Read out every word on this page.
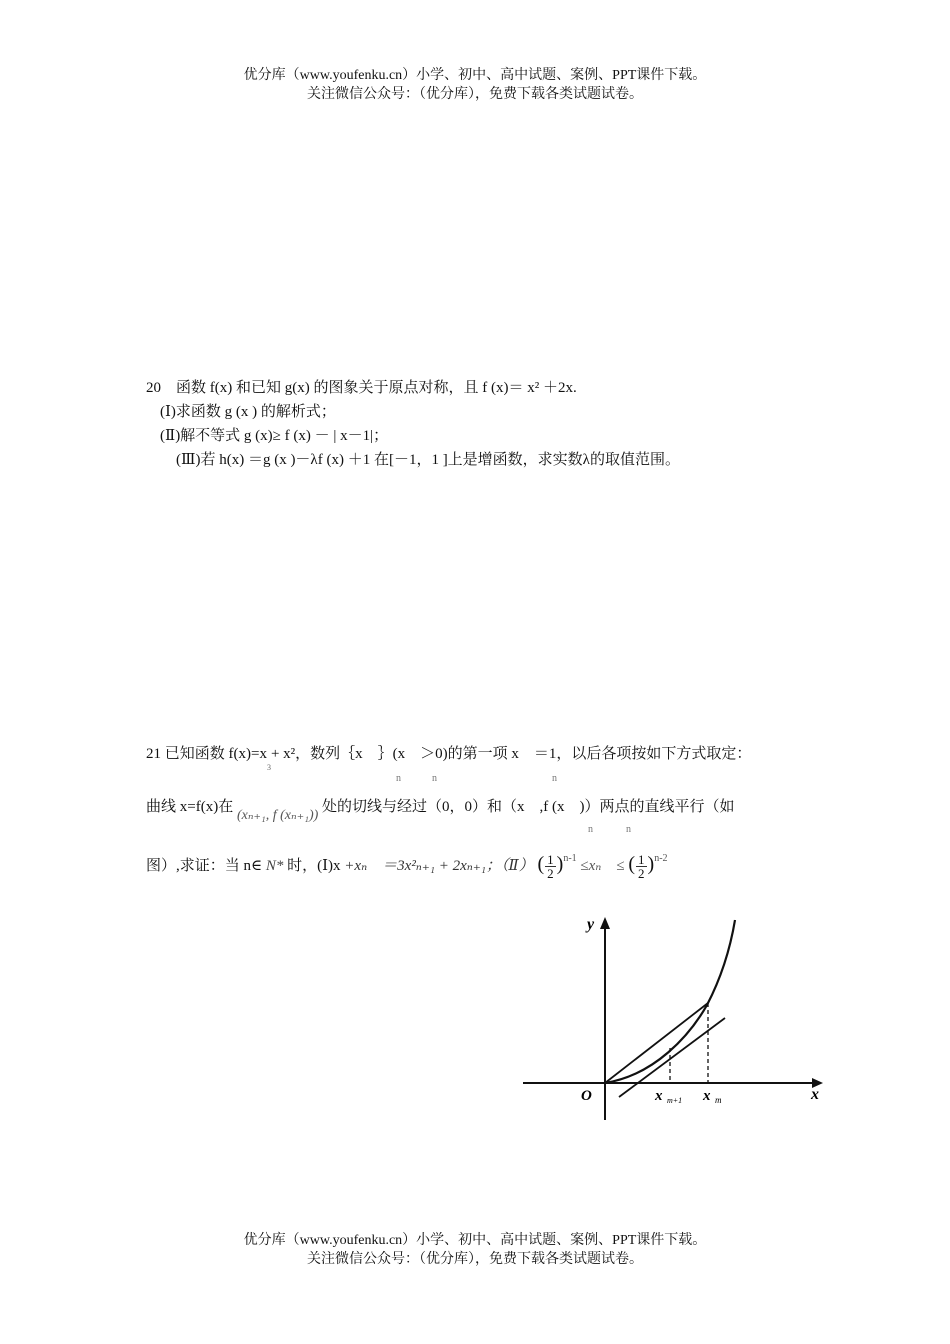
优分库（www.youfenku.cn）小学、初中、高中试题、案例、PPT课件下载。
关注微信公众号：（优分库），免费下载各类试题试卷。
20　函数 f(x) 和已知 g(x) 的图象关于原点对称，且 f (x)＝ x² ＋2x.
(Ⅰ)求函数 g (x ) 的解析式；
(Ⅱ)解不等式 g (x)≥ f (x) － | x－1|；
(Ⅲ)若 h(x) ＝g (x )－λf (x) ＋1 在[－1，1 ]上是增函数，求实数λ的取值范围。
21 已知函数 $f(x)=x_3+ x^2$，数列｛x　｝(x　＞0)的第一项 x　＝1，以后各项按如下方式取定：
n	n	n
曲线 x=f(x)在 (xₙ₊₁, f (xₙ₊₁)) 处的切线与经过（0，0）和（x　,f (x　)）两点的直线平行（如
n	n
图）,求证：当 n∈ N* 时，(Ⅰ)x +xₙ　＝3x²ₙ₊₁ + 2xₙ₊₁；（Ⅱ） ( $\frac{1}{2} )^{n-1} \le x_n$　≤ ( $\frac{1}{2} )^{n-2}$
y
x
O	x m+1 x m
优分库（www.youfenku.cn）小学、初中、高中试题、案例、PPT课件下载。
关注微信公众号：（优分库），免费下载各类试题试卷。
